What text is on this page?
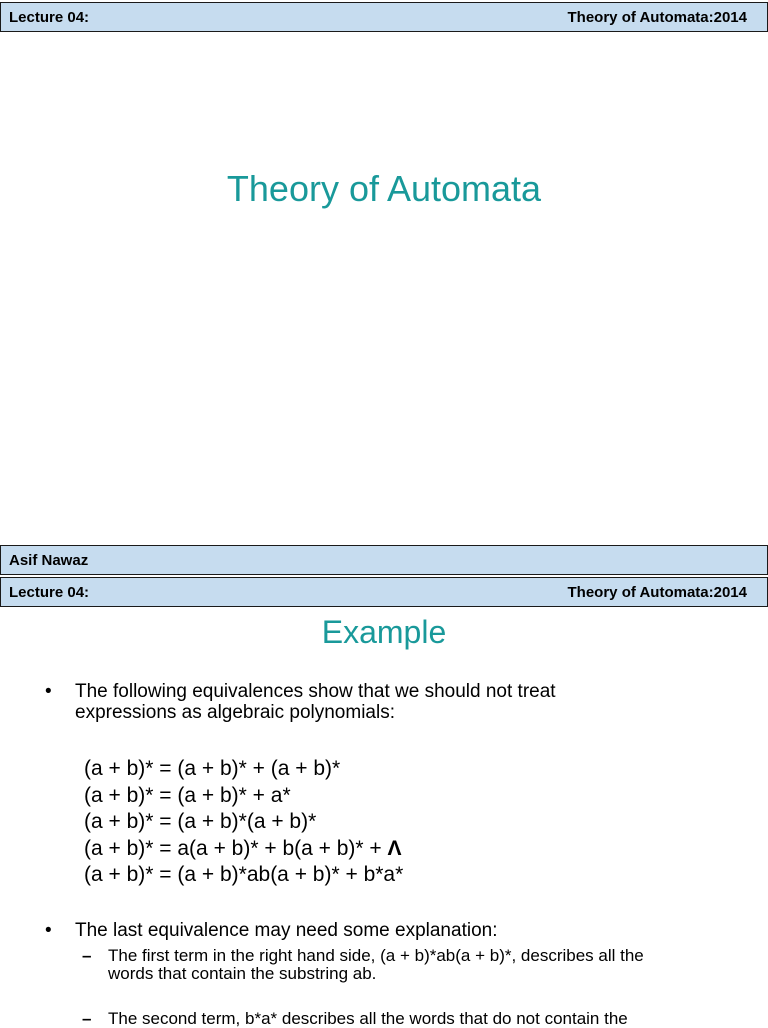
Lecture 04:	Theory of Automata:2014
Theory of Automata
Asif Nawaz
Lecture 04:	Theory of Automata:2014
Example
• The following equivalences show that we should not treat
expressions as algebraic polynomials:
(a + b)* = (a + b)* + (a + b)*
(a + b)* = (a + b)* + a*
(a + b)* = (a + b)*(a + b)*
(a + b)* = a(a + b)* + b(a + b)* + Λ
(a + b)* = (a + b)*ab(a + b)* + b*a*
• The last equivalence may need some explanation:
– The first term in the right hand side, (a + b)*ab(a + b)*, describes all the
words that contain the substring ab.
– The second term, b*a* describes all the words that do not contain the
